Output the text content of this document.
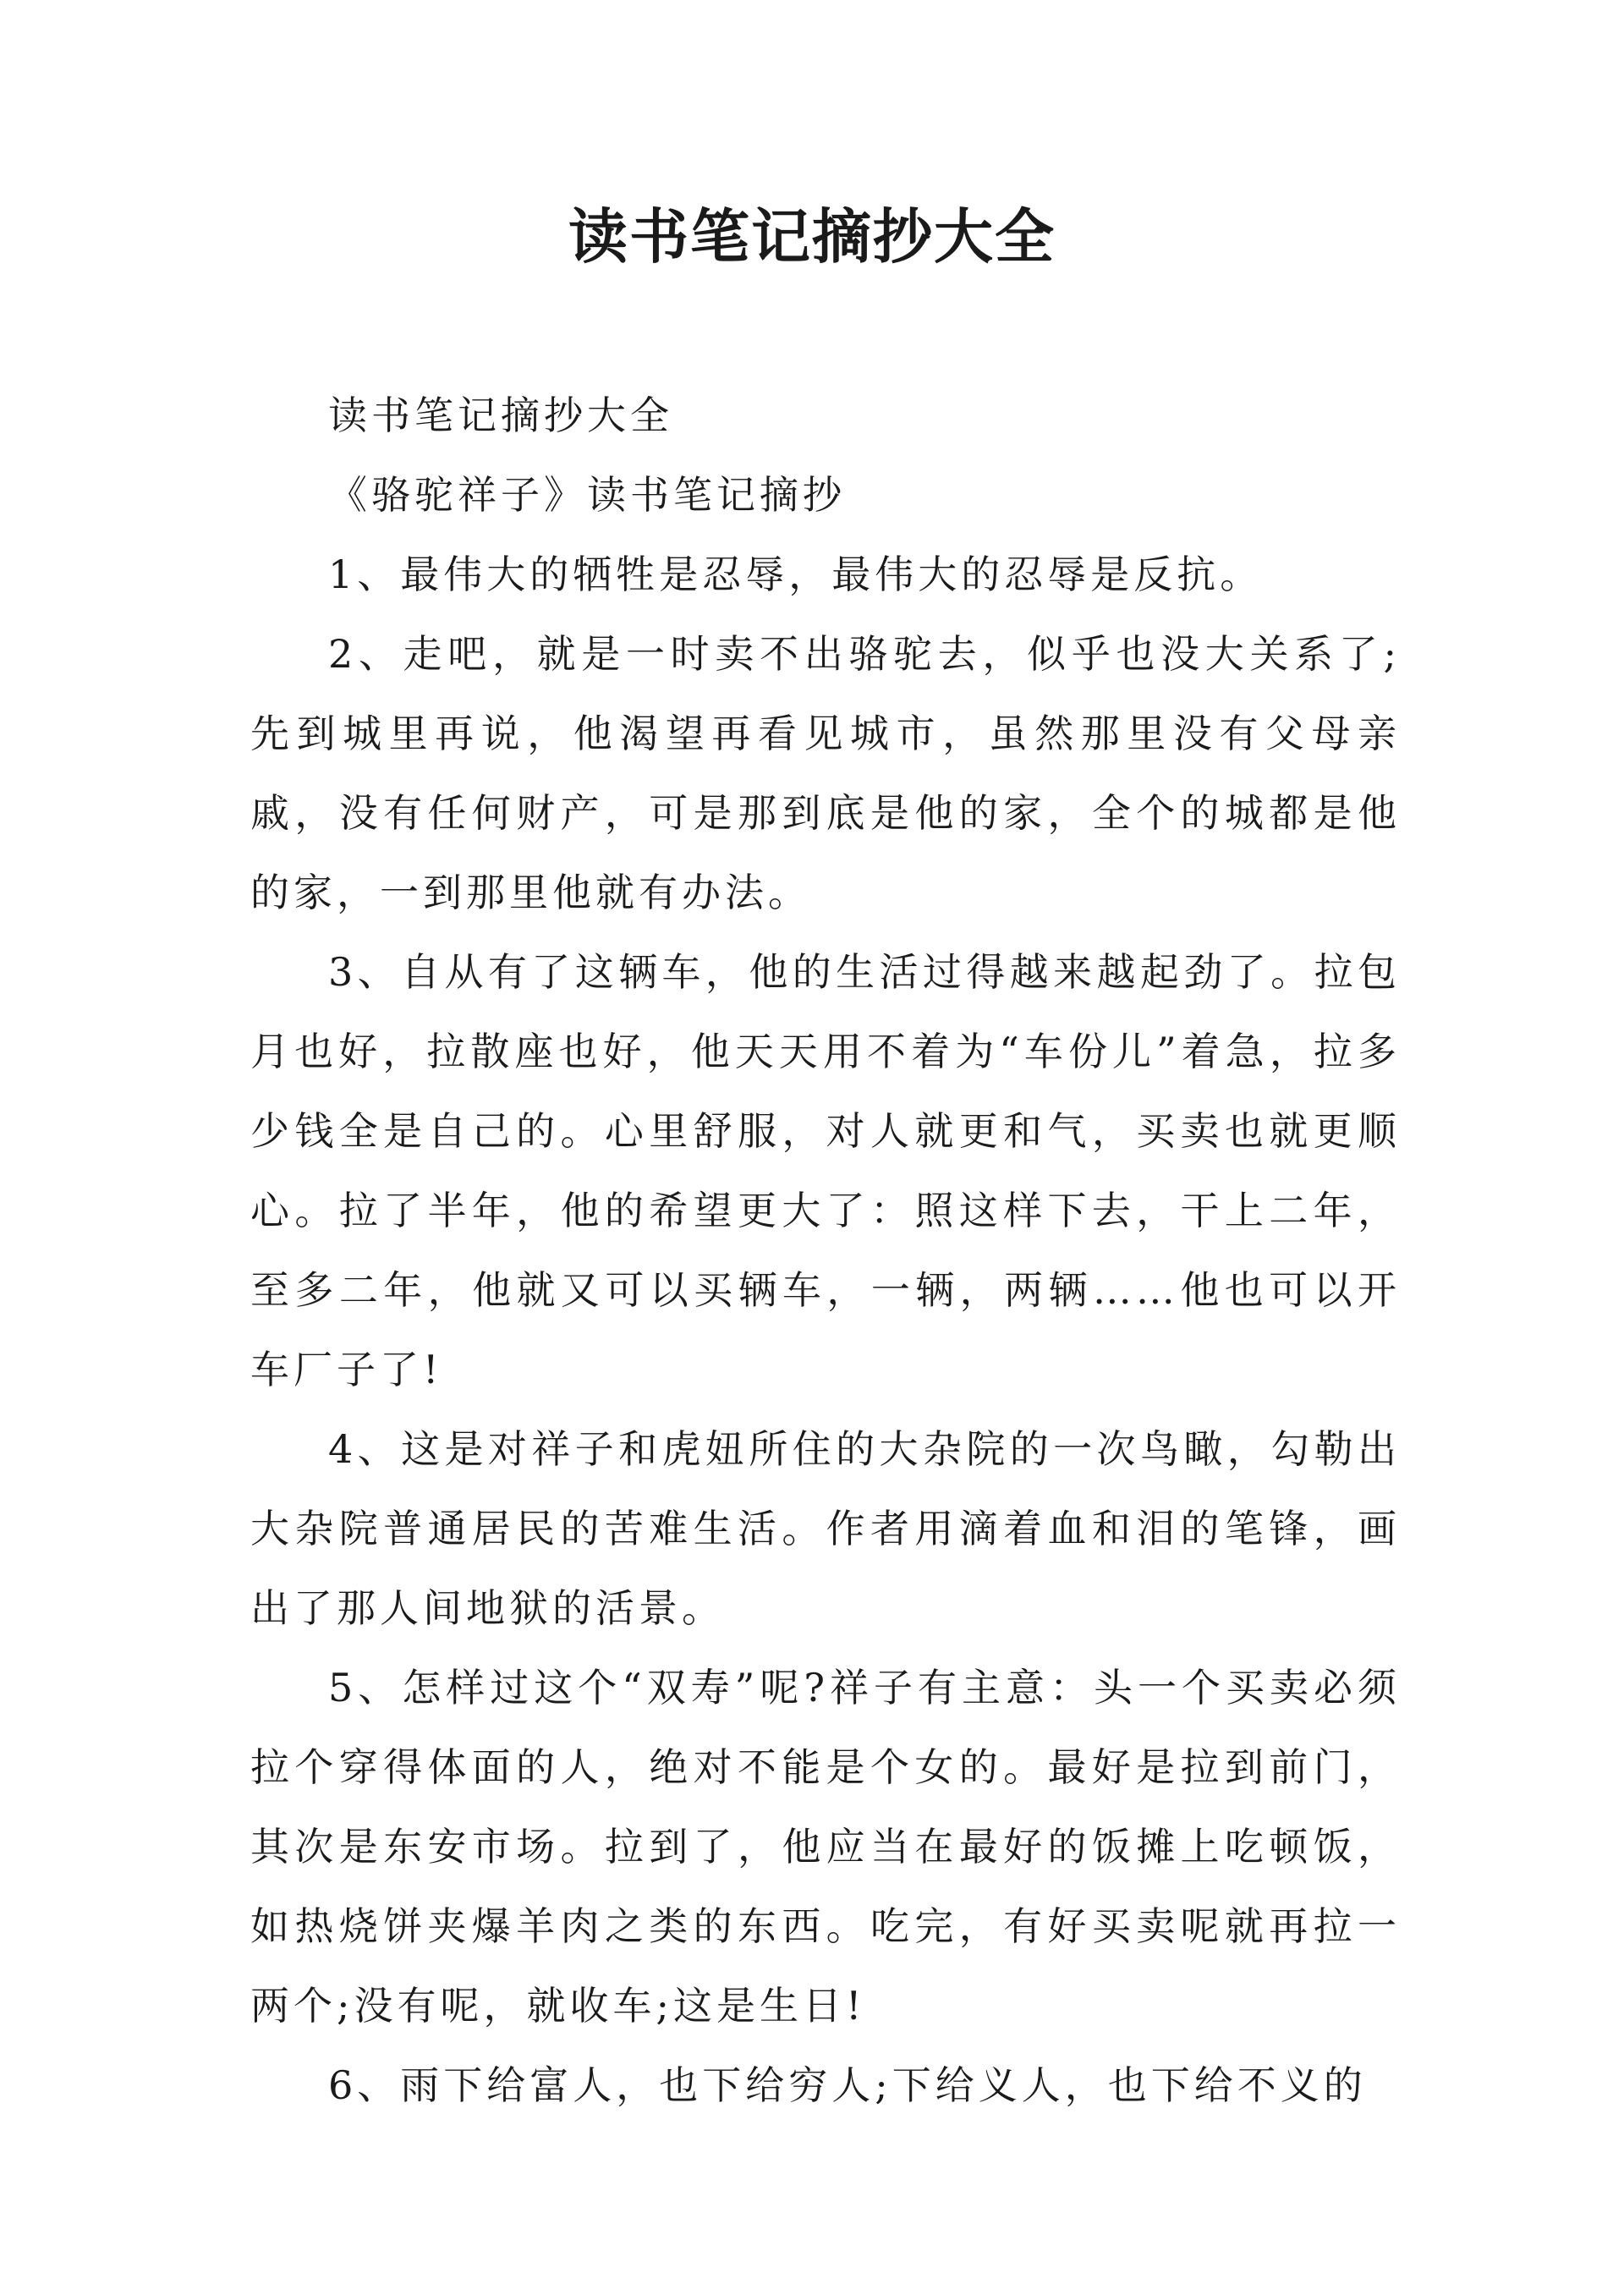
读书笔记摘抄大全

读书笔记摘抄大全

《骆驼祥子》读书笔记摘抄

1、最伟大的牺牲是忍辱，最伟大的忍辱是反抗。

2、走吧，就是一时卖不出骆驼去，似乎也没大关系了;先到城里再说，他渴望再看见城市，虽然那里没有父母亲戚，没有任何财产，可是那到底是他的家，全个的城都是他的家，一到那里他就有办法。

3、自从有了这辆车，他的生活过得越来越起劲了。拉包月也好，拉散座也好，他天天用不着为“车份儿”着急，拉多少钱全是自己的。心里舒服，对人就更和气，买卖也就更顺心。拉了半年，他的希望更大了：照这样下去，干上二年，至多二年，他就又可以买辆车，一辆，两辆……他也可以开车厂子了!

4、这是对祥子和虎妞所住的大杂院的一次鸟瞰，勾勒出大杂院普通居民的苦难生活。作者用滴着血和泪的笔锋，画出了那人间地狱的活景。

5、怎样过这个“双寿”呢?祥子有主意：头一个买卖必须拉个穿得体面的人，绝对不能是个女的。最好是拉到前门，其次是东安市场。拉到了，他应当在最好的饭摊上吃顿饭，如热烧饼夹爆羊肉之类的东西。吃完，有好买卖呢就再拉一两个;没有呢，就收车;这是生日!

6、雨下给富人，也下给穷人;下给义人，也下给不义的
